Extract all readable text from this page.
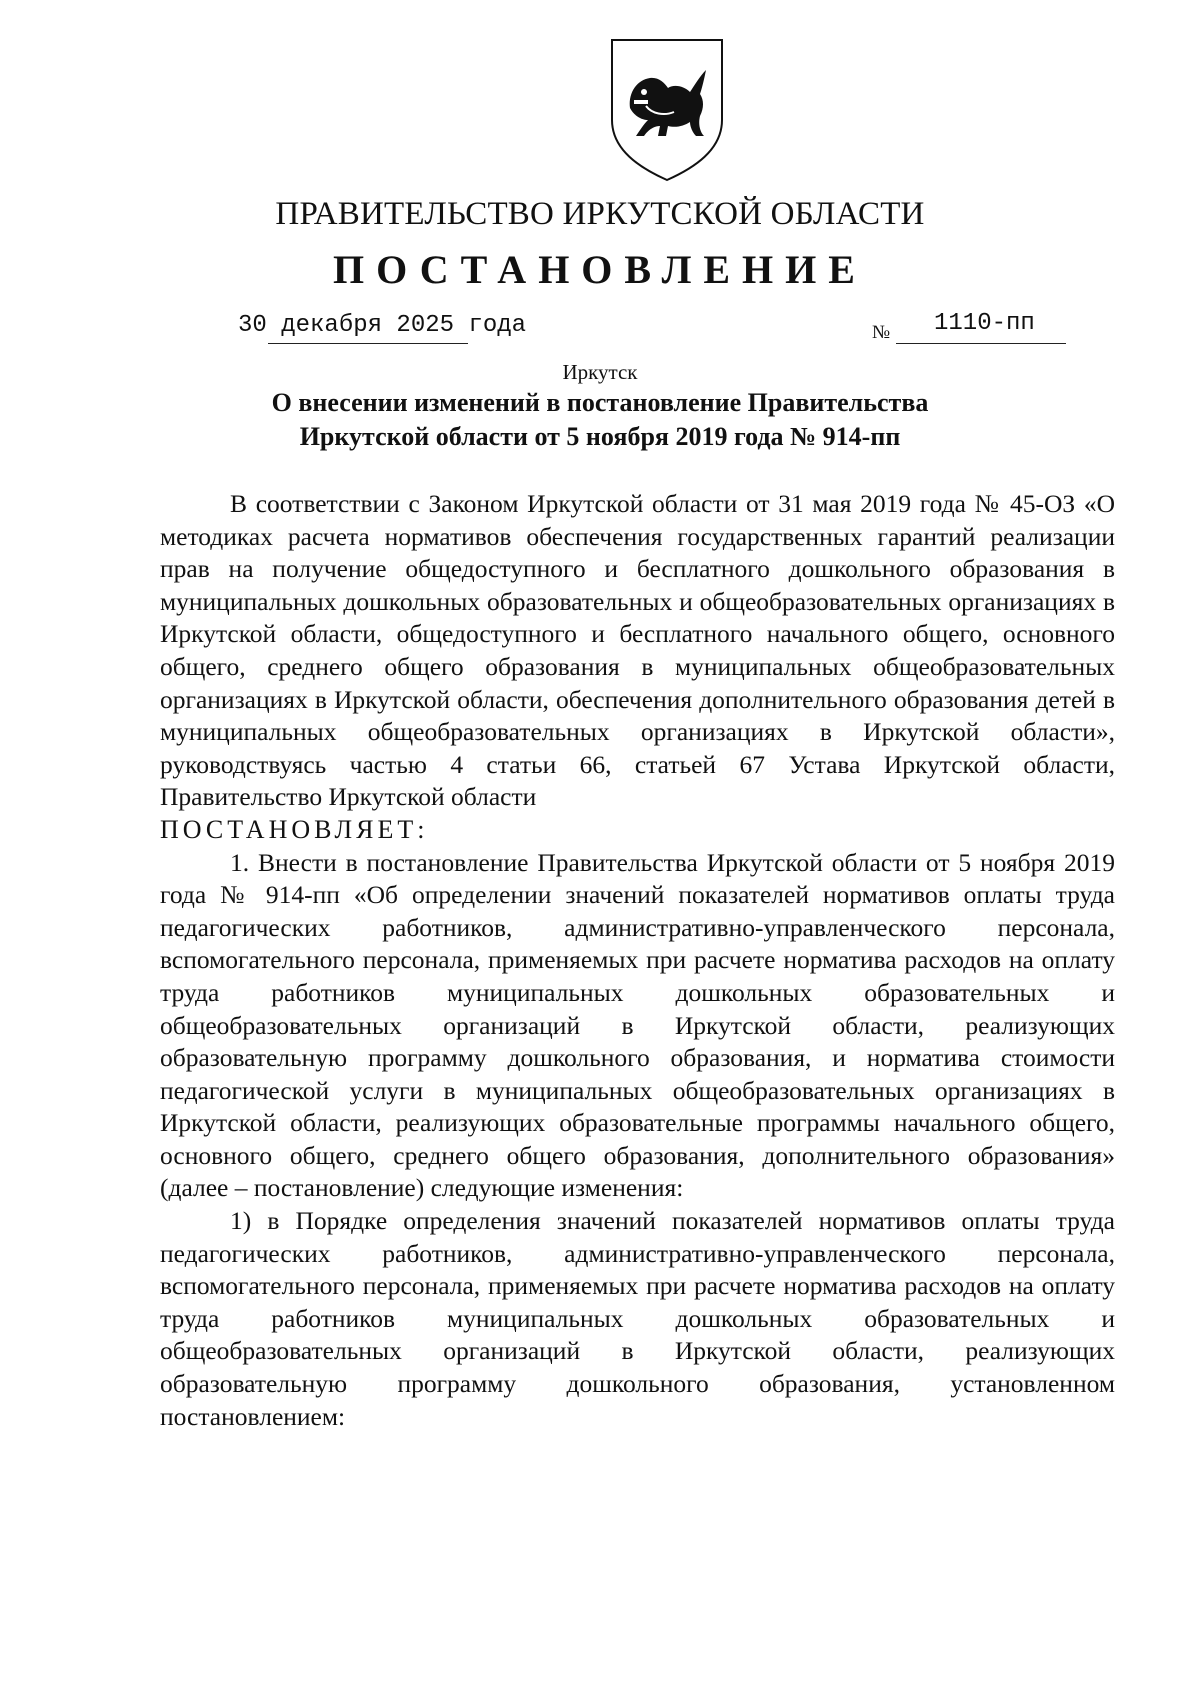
ПРАВИТЕЛЬСТВО ИРКУТСКОЙ ОБЛАСТИ
ПОСТАНОВЛЕНИЕ
30 декабря 2025 года	№ 1110-пп
Иркутск
О внесении изменений в постановление Правительства Иркутской области от 5 ноября 2019 года № 914-пп

В соответствии с Законом Иркутской области от 31 мая 2019 года № 45-ОЗ «О методиках расчета нормативов обеспечения государственных гарантий реализации прав на получение общедоступного и бесплатного дошкольного образования в муниципальных дошкольных образовательных и общеобразовательных организациях в Иркутской области, общедоступного и бесплатного начального общего, основного общего, среднего общего образования в муниципальных общеобразовательных организациях в Иркутской области, обеспечения дополнительного образования детей в муниципальных общеобразовательных организациях в Иркутской области», руководствуясь частью 4 статьи 66, статьей 67 Устава Иркутской области, Правительство Иркутской области

ПОСТАНОВЛЯЕТ:

1. Внести в постановление Правительства Иркутской области от 5 ноября 2019 года № 914-пп «Об определении значений показателей нормативов оплаты труда педагогических работников, административно-управленческого персонала, вспомогательного персонала, применяемых при расчете норматива расходов на оплату труда работников муниципальных дошкольных образовательных и общеобразовательных организаций в Иркутской области, реализующих образовательную программу дошкольного образования, и норматива стоимости педагогической услуги в муниципальных общеобразовательных организациях в Иркутской области, реализующих образовательные программы начального общего, основного общего, среднего общего образования, дополнительного образования» (далее – постановление) следующие изменения:

1) в Порядке определения значений показателей нормативов оплаты труда педагогических работников, административно-управленческого персонала, вспомогательного персонала, применяемых при расчете норматива расходов на оплату труда работников муниципальных дошкольных образовательных и общеобразовательных организаций в Иркутской области, реализующих образовательную программу дошкольного образования, установленном постановлением:
